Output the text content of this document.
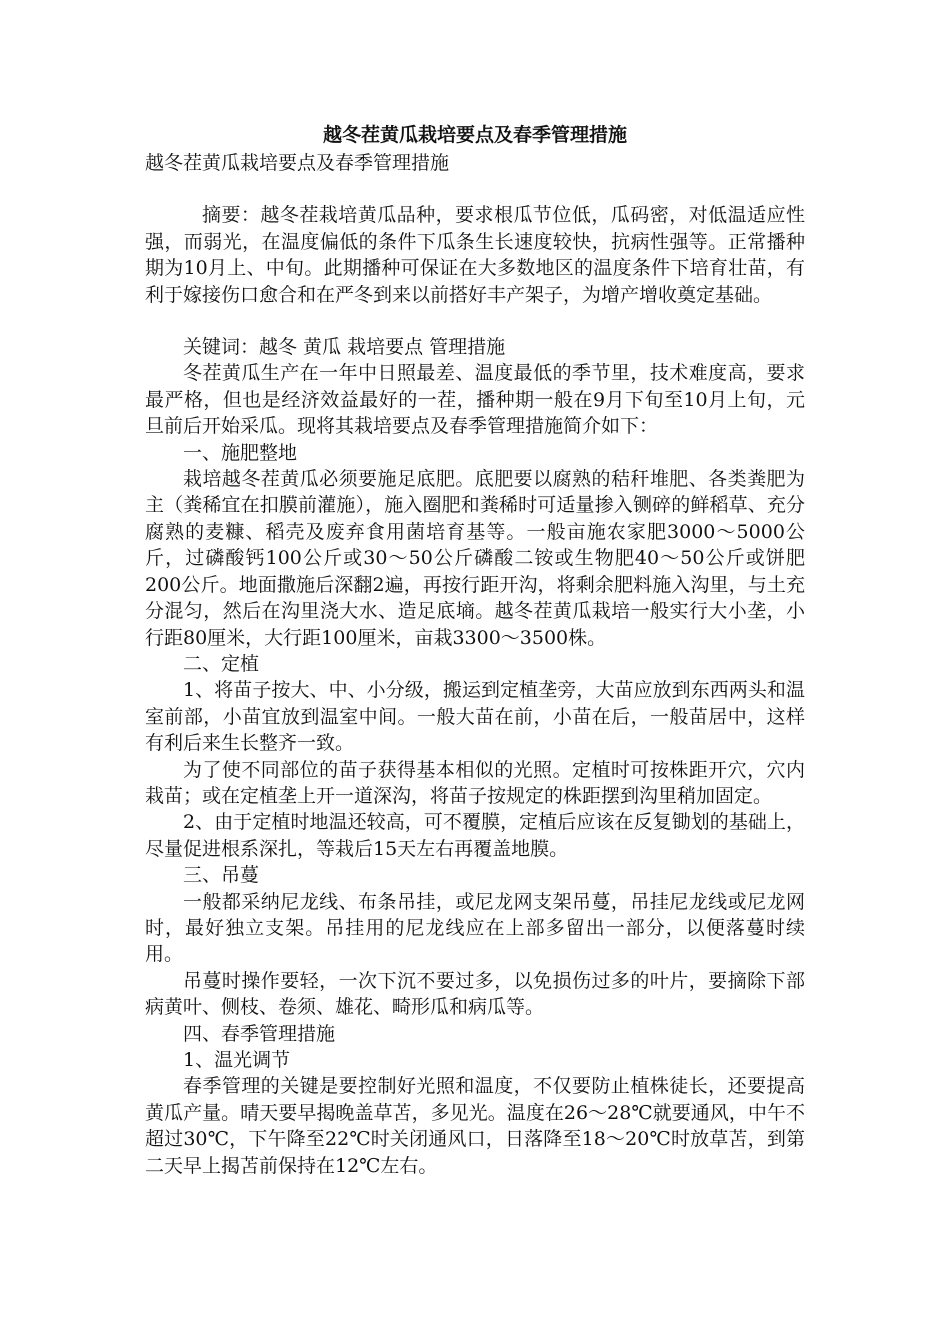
越冬茬黄瓜栽培要点及春季管理措施

越冬茬黄瓜栽培要点及春季管理措施

摘要：越冬茬栽培黄瓜品种，要求根瓜节位低，瓜码密，对低温适应性强，而弱光，在温度偏低的条件下瓜条生长速度较快，抗病性强等。正常播种期为10月上、中旬。此期播种可保证在大多数地区的温度条件下培育壮苗，有利于嫁接伤口愈合和在严冬到来以前搭好丰产架子，为增产增收奠定基础。

关键词：越冬 黄瓜 栽培要点 管理措施

冬茬黄瓜生产在一年中日照最差、温度最低的季节里，技术难度高，要求最严格，但也是经济效益最好的一茬，播种期一般在9月下旬至10月上旬，元旦前后开始采瓜。现将其栽培要点及春季管理措施简介如下：

一、施肥整地

栽培越冬茬黄瓜必须要施足底肥。底肥要以腐熟的秸秆堆肥、各类粪肥为主（粪稀宜在扣膜前灌施），施入圈肥和粪稀时可适量掺入铡碎的鲜稻草、充分腐熟的麦糠、稻壳及废弃食用菌培育基等。一般亩施农家肥3000～5000公斤，过磷酸钙100公斤或30～50公斤磷酸二铵或生物肥40～50公斤或饼肥200公斤。地面撒施后深翻2遍，再按行距开沟，将剩余肥料施入沟里，与土充分混匀，然后在沟里浇大水、造足底墒。越冬茬黄瓜栽培一般实行大小垄，小行距80厘米，大行距100厘米，亩栽3300～3500株。

二、定植

1、将苗子按大、中、小分级，搬运到定植垄旁，大苗应放到东西两头和温室前部，小苗宜放到温室中间。一般大苗在前，小苗在后，一般苗居中，这样有利后来生长整齐一致。

为了使不同部位的苗子获得基本相似的光照。定植时可按株距开穴，穴内栽苗；或在定植垄上开一道深沟，将苗子按规定的株距摆到沟里稍加固定。

2、由于定植时地温还较高，可不覆膜，定植后应该在反复锄划的基础上，尽量促进根系深扎，等栽后15天左右再覆盖地膜。

三、吊蔓

一般都采纳尼龙线、布条吊挂，或尼龙网支架吊蔓，吊挂尼龙线或尼龙网时，最好独立支架。吊挂用的尼龙线应在上部多留出一部分，以便落蔓时续用。

吊蔓时操作要轻，一次下沉不要过多，以免损伤过多的叶片，要摘除下部病黄叶、侧枝、卷须、雄花、畸形瓜和病瓜等。

四、春季管理措施

1、温光调节

春季管理的关键是要控制好光照和温度，不仅要防止植株徒长，还要提高黄瓜产量。晴天要早揭晚盖草苫，多见光。温度在26～28℃就要通风，中午不超过30℃，下午降至22℃时关闭通风口，日落降至18～20℃时放草苫，到第二天早上揭苫前保持在12℃左右。
